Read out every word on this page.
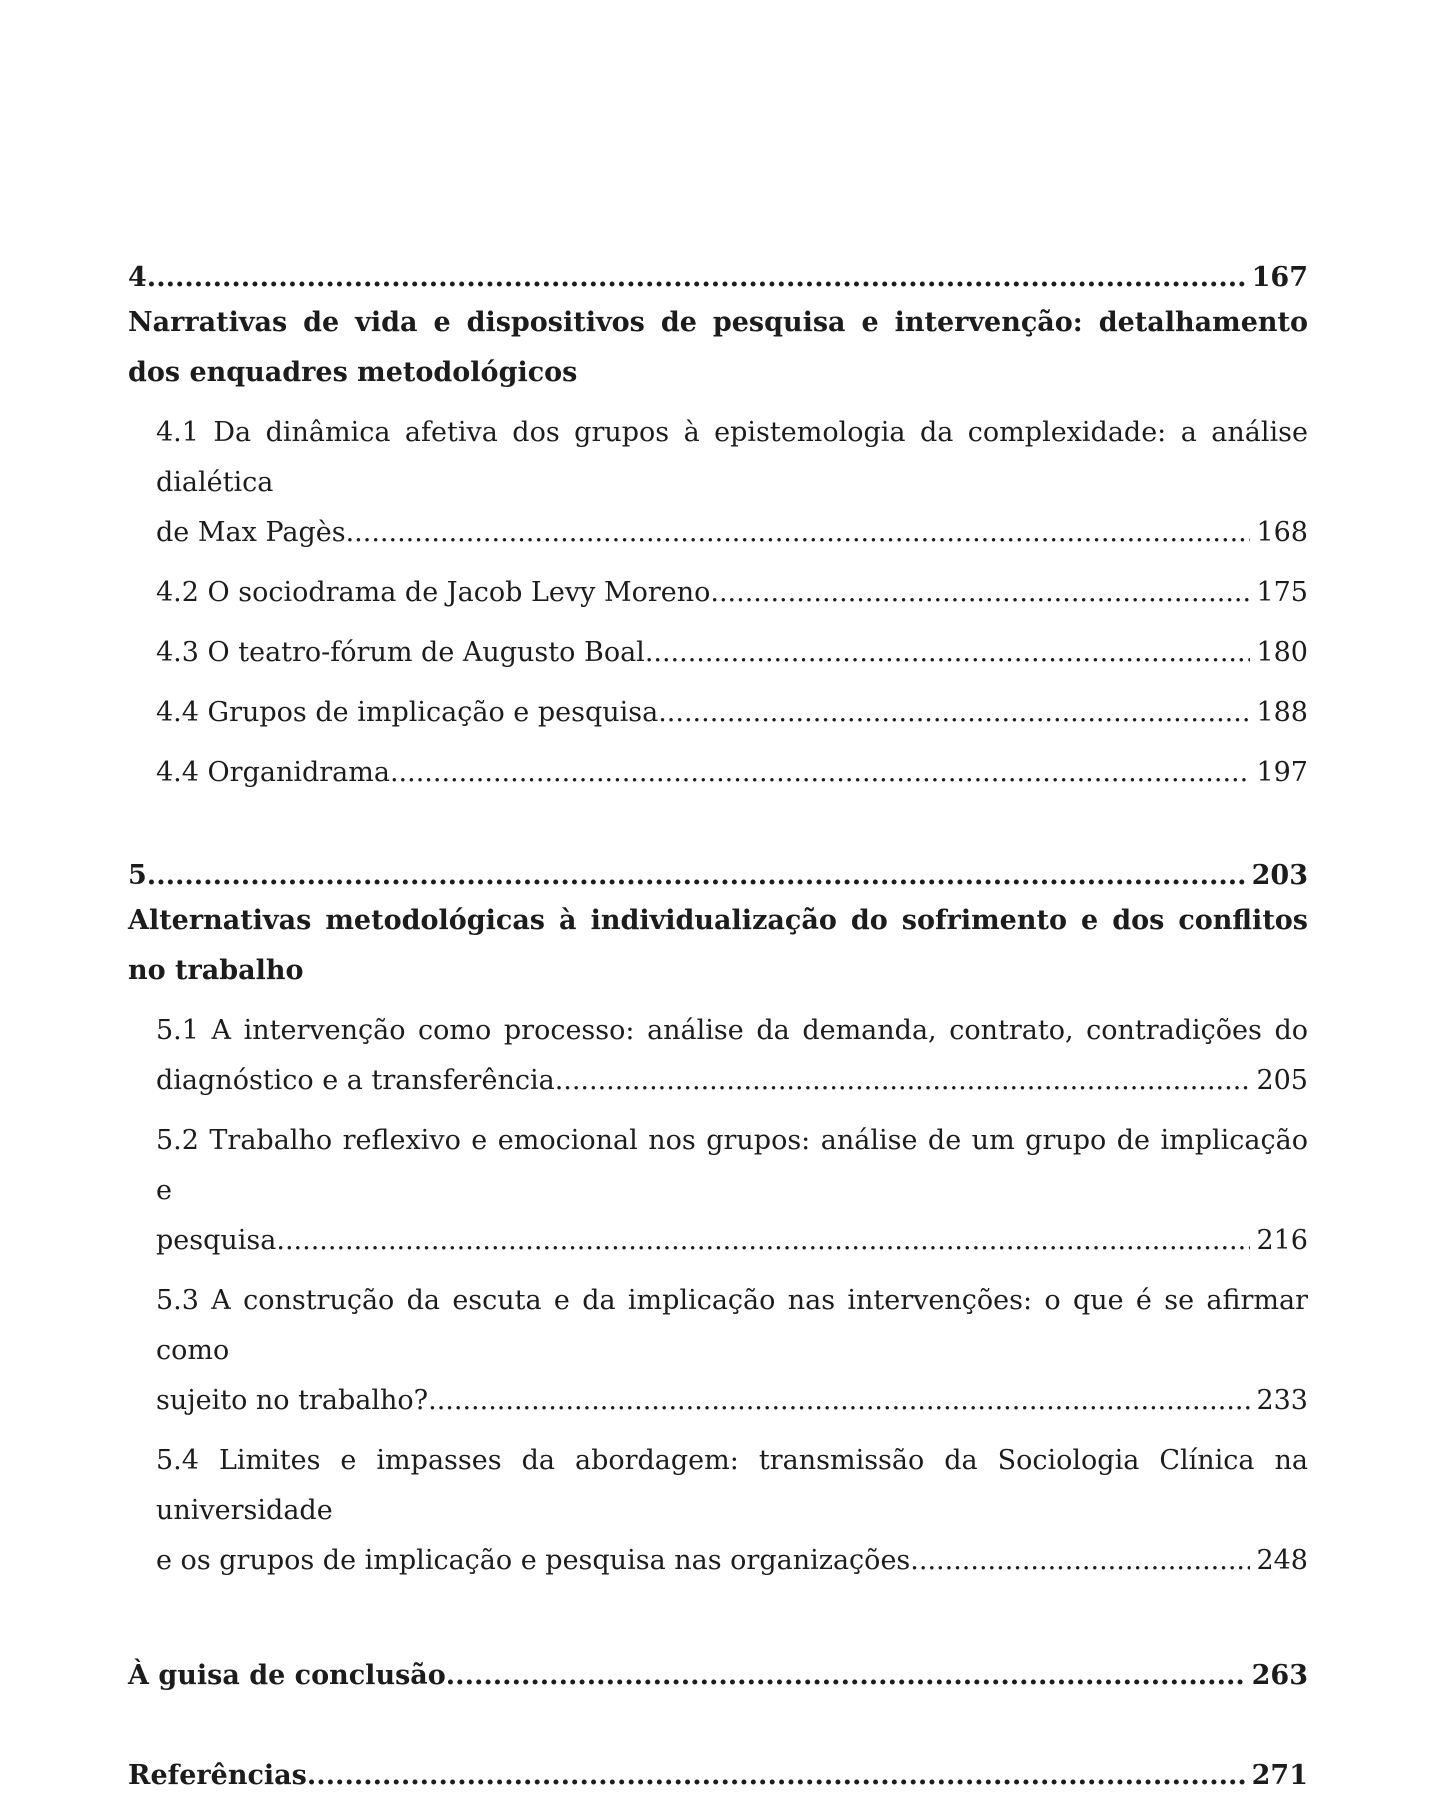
4 .....	167

Narrativas de vida e dispositivos de pesquisa e intervenção: detalhamento dos enquadres metodológicos

4.1 Da dinâmica afetiva dos grupos à epistemologia da complexidade: a análise dialética
de Max Pagès .....	168
4.2 O sociodrama de Jacob Levy Moreno .....	175
4.3 O teatro-fórum de Augusto Boal .....	180
4.4 Grupos de implicação e pesquisa .....	188
4.4 Organidrama .....	197
5 .....	203

Alternativas metodológicas à individualização do sofrimento e dos conflitos no trabalho

5.1 A intervenção como processo: análise da demanda, contrato, contradições do
diagnóstico e a transferência .....	205
5.2 Trabalho reflexivo e emocional nos grupos: análise de um grupo de implicação e
pesquisa .....	216
5.3 A construção da escuta e da implicação nas intervenções: o que é se afirmar como
sujeito no trabalho? .....	233
5.4 Limites e impasses da abordagem: transmissão da Sociologia Clínica na universidade
e os grupos de implicação e pesquisa nas organizações .....	248
À guisa de conclusão .....	263
Referências .....	271
